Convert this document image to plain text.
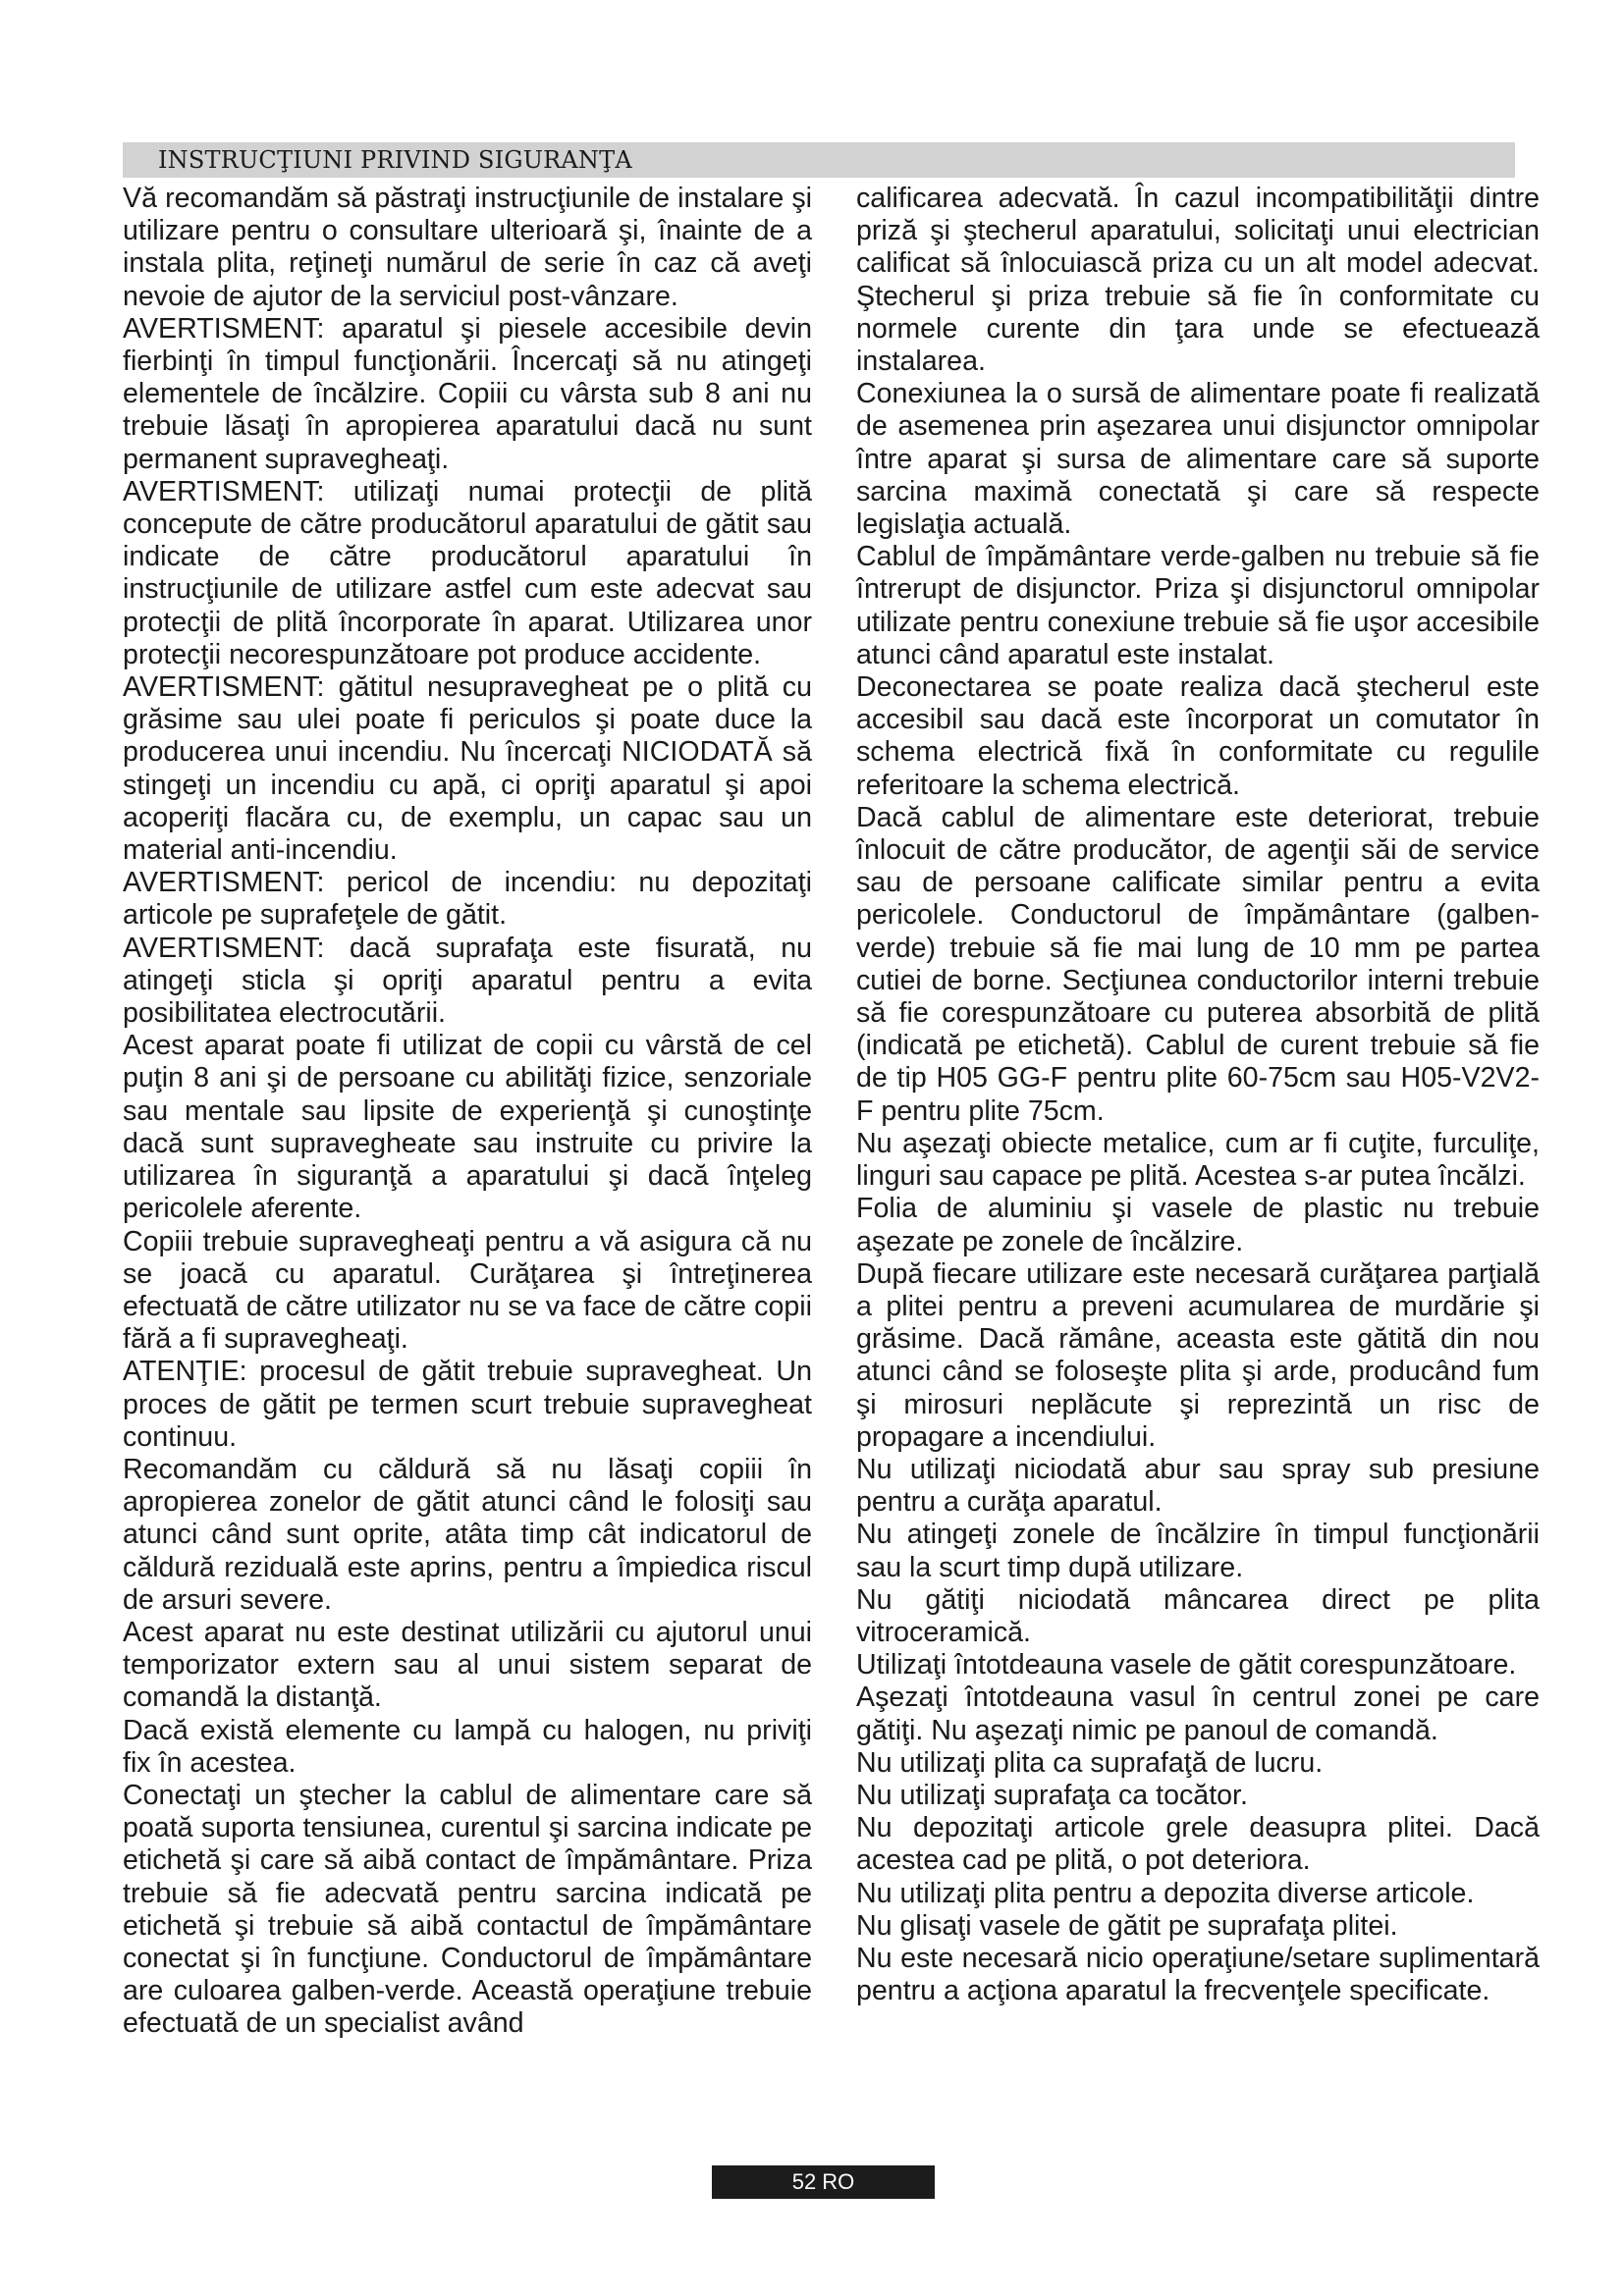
INSTRUCŢIUNI PRIVIND SIGURANŢA

Vă recomandăm să păstraţi instrucţiunile de instalare şi utilizare pentru o consultare ulterioară şi, înainte de a instala plita, reţineţi numărul de serie în caz că aveţi nevoie de ajutor de la serviciul post-vânzare.

AVERTISMENT: aparatul şi piesele accesibile devin fierbinţi în timpul funcţionării. Încercaţi să nu atingeţi elementele de încălzire. Copiii cu vârsta sub 8 ani nu trebuie lăsaţi în apropierea aparatului dacă nu sunt permanent supravegheaţi.

AVERTISMENT: utilizaţi numai protecţii de plită concepute de către producătorul aparatului de gătit sau indicate de către producătorul aparatului în instrucţiunile de utilizare astfel cum este adecvat sau protecţii de plită încorporate în aparat. Utilizarea unor protecţii necorespunzătoare pot produce accidente.

AVERTISMENT: gătitul nesupravegheat pe o plită cu grăsime sau ulei poate fi periculos şi poate duce la producerea unui incendiu. Nu încercaţi NICIODATĂ să stingeţi un incendiu cu apă, ci opriţi aparatul şi apoi acoperiţi flacăra cu, de exemplu, un capac sau un material anti-incendiu.

AVERTISMENT: pericol de incendiu: nu depozitaţi articole pe suprafeţele de gătit.

AVERTISMENT: dacă suprafaţa este fisurată, nu atingeţi sticla şi opriţi aparatul pentru a evita posibilitatea electrocutării.

Acest aparat poate fi utilizat de copii cu vârstă de cel puţin 8 ani şi de persoane cu abilităţi fizice, senzoriale sau mentale sau lipsite de experienţă şi cunoştinţe dacă sunt supravegheate sau instruite cu privire la utilizarea în siguranţă a aparatului şi dacă înţeleg pericolele aferente.

Copiii trebuie supravegheaţi pentru a vă asigura că nu se joacă cu aparatul. Curăţarea şi întreţinerea efectuată de către utilizator nu se va face de către copii fără a fi supravegheaţi.

ATENŢIE: procesul de gătit trebuie supravegheat. Un proces de gătit pe termen scurt trebuie supravegheat continuu.

Recomandăm cu căldură să nu lăsaţi copiii în apropierea zonelor de gătit atunci când le folosiţi sau atunci când sunt oprite, atâta timp cât indicatorul de căldură reziduală este aprins, pentru a împiedica riscul de arsuri severe.

Acest aparat nu este destinat utilizării cu ajutorul unui temporizator extern sau al unui sistem separat de comandă la distanţă.

Dacă există elemente cu lampă cu halogen, nu priviţi fix în acestea.

Conectaţi un ştecher la cablul de alimentare care să poată suporta tensiunea, curentul şi sarcina indicate pe etichetă şi care să aibă contact de împământare. Priza trebuie să fie adecvată pentru sarcina indicată pe etichetă şi trebuie să aibă contactul de împământare conectat şi în funcţiune. Conductorul de împământare are culoarea galben-verde. Această operaţiune trebuie efectuată de un specialist având

calificarea adecvată. În cazul incompatibilităţii dintre priză şi ştecherul aparatului, solicitaţi unui electrician calificat să înlocuiască priza cu un alt model adecvat. Ştecherul şi priza trebuie să fie în conformitate cu normele curente din ţara unde se efectuează instalarea.

Conexiunea la o sursă de alimentare poate fi realizată de asemenea prin aşezarea unui disjunctor omnipolar între aparat şi sursa de alimentare care să suporte sarcina maximă conectată şi care să respecte legislaţia actuală.

Cablul de împământare verde-galben nu trebuie să fie întrerupt de disjunctor. Priza şi disjunctorul omnipolar utilizate pentru conexiune trebuie să fie uşor accesibile atunci când aparatul este instalat.

Deconectarea se poate realiza dacă ştecherul este accesibil sau dacă este încorporat un comutator în schema electrică fixă în conformitate cu regulile referitoare la schema electrică.

Dacă cablul de alimentare este deteriorat, trebuie înlocuit de către producător, de agenţii săi de service sau de persoane calificate similar pentru a evita pericolele. Conductorul de împământare (galben-verde) trebuie să fie mai lung de 10 mm pe partea cutiei de borne. Secţiunea conductorilor interni trebuie să fie corespunzătoare cu puterea absorbită de plită (indicată pe etichetă). Cablul de curent trebuie să fie de tip H05 GG-F pentru plite 60-75cm sau H05-V2V2-F pentru plite 75cm.

Nu aşezaţi obiecte metalice, cum ar fi cuţite, furculiţe, linguri sau capace pe plită. Acestea s-ar putea încălzi.

Folia de aluminiu şi vasele de plastic nu trebuie aşezate pe zonele de încălzire.

După fiecare utilizare este necesară curăţarea parţială a plitei pentru a preveni acumularea de murdărie şi grăsime. Dacă rămâne, aceasta este gătită din nou atunci când se foloseşte plita şi arde, producând fum şi mirosuri neplăcute şi reprezintă un risc de propagare a incendiului.

Nu utilizaţi niciodată abur sau spray sub presiune pentru a curăţa aparatul.

Nu atingeţi zonele de încălzire în timpul funcţionării sau la scurt timp după utilizare.

Nu gătiţi niciodată mâncarea direct pe plita vitroceramică.

Utilizaţi întotdeauna vasele de gătit corespunzătoare.

Aşezaţi întotdeauna vasul în centrul zonei pe care gătiţi. Nu aşezaţi nimic pe panoul de comandă.

Nu utilizaţi plita ca suprafaţă de lucru.

Nu utilizaţi suprafaţa ca tocător.

Nu depozitaţi articole grele deasupra plitei. Dacă acestea cad pe plită, o pot deteriora.

Nu utilizaţi plita pentru a depozita diverse articole.

Nu glisaţi vasele de gătit pe suprafaţa plitei.

Nu este necesară nicio operaţiune/setare suplimentară pentru a acţiona aparatul la frecvenţele specificate.

52 RO
